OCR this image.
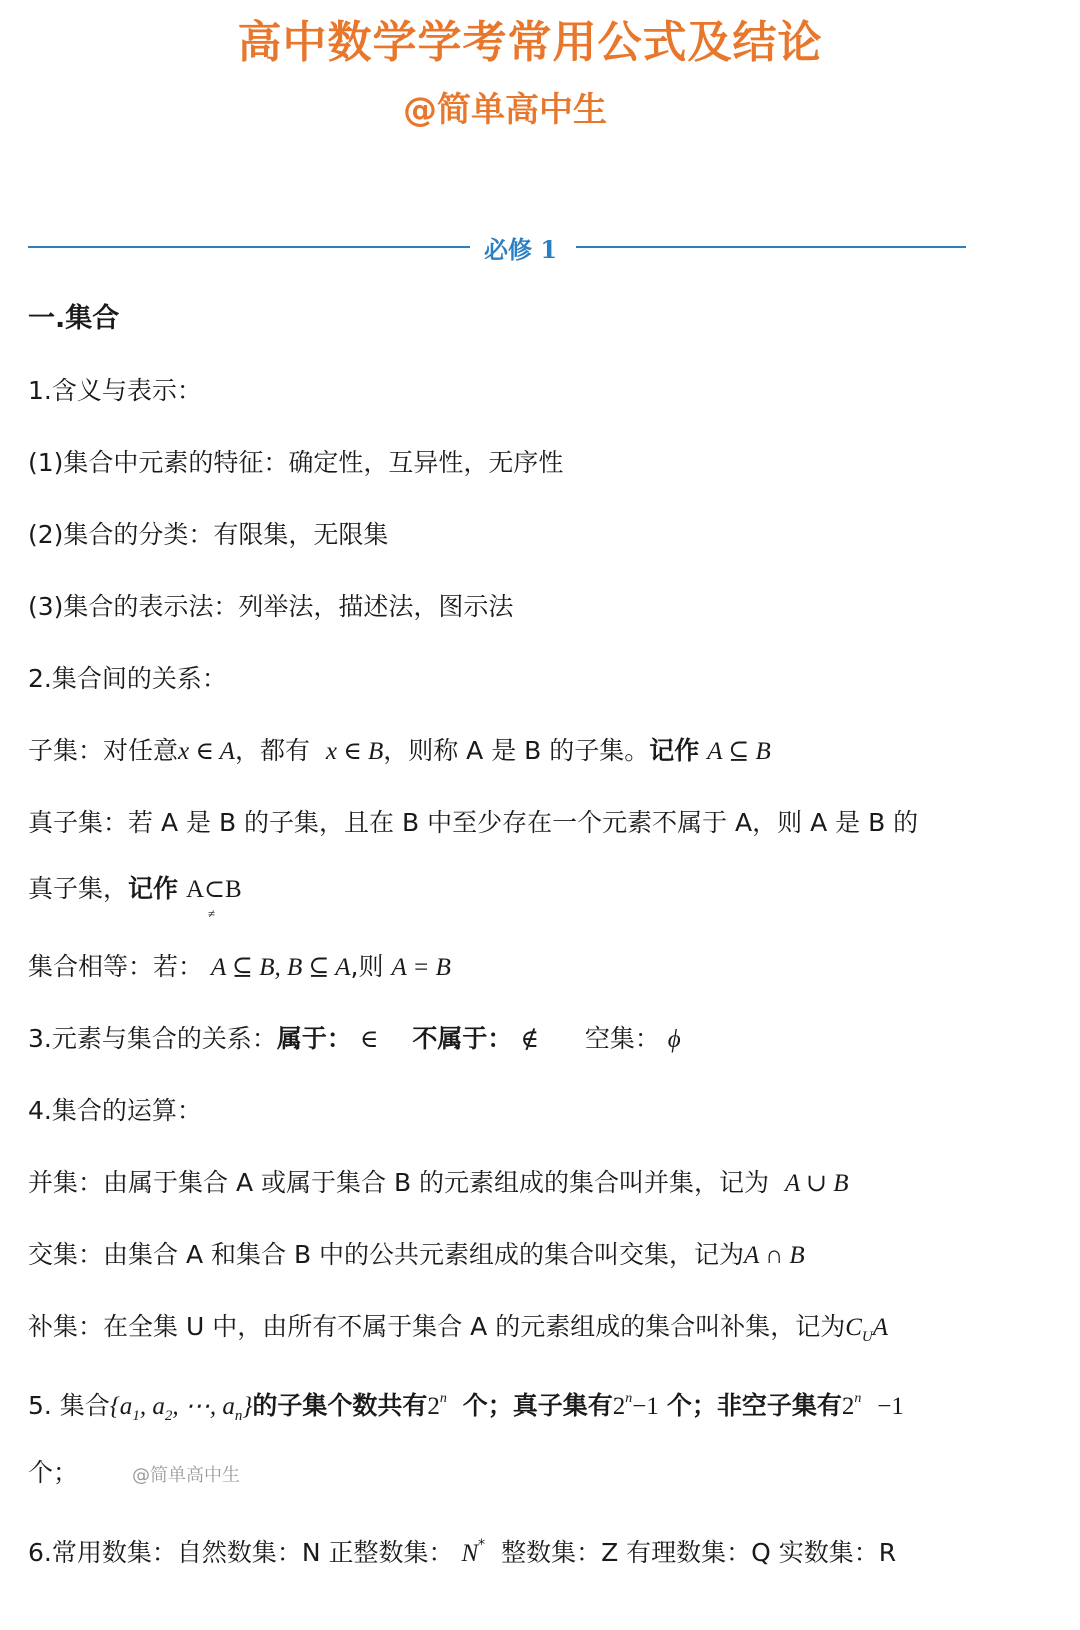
高中数学学考常用公式及结论
@简单高中生
必修 1
一.集合
1.含义与表示：
(1)集合中元素的特征：确定性，互异性，无序性
(2)集合的分类：有限集，无限集
(3)集合的表示法：列举法，描述法，图示法
2.集合间的关系：
子集：对任意x ∈ A，都有 x ∈ B，则称 A 是 B 的子集。记作 A ⊆ B
真子集：若 A 是 B 的子集，且在 B 中至少存在一个元素不属于 A，则 A 是 B 的
真子集，记作 A⊂
≠
B
集合相等：若： A ⊆ B, B ⊆ A,则 A = B
3.元素与集合的关系：属于： ∈ 不属于： ∉ 空集： ϕ
4.集合的运算：
并集：由属于集合 A 或属于集合 B 的元素组成的集合叫并集，记为 A ∪ B
交集：由集合 A 和集合 B 中的公共元素组成的集合叫交集，记为A ∩ B
补集：在全集 U 中，由所有不属于集合 A 的元素组成的集合叫补集，记为$C_UA$
5. 集合{$a_1$, $a_2$, ⋯, $a_n$}的子集个数共有2$^n$ 个；真子集有$2^n-1$ 个；非空子集有$2^n -1$
个；	@简单高中生
6.常用数集：自然数集：N 正整数集： N* 整数集：Z 有理数集：Q 实数集：R
